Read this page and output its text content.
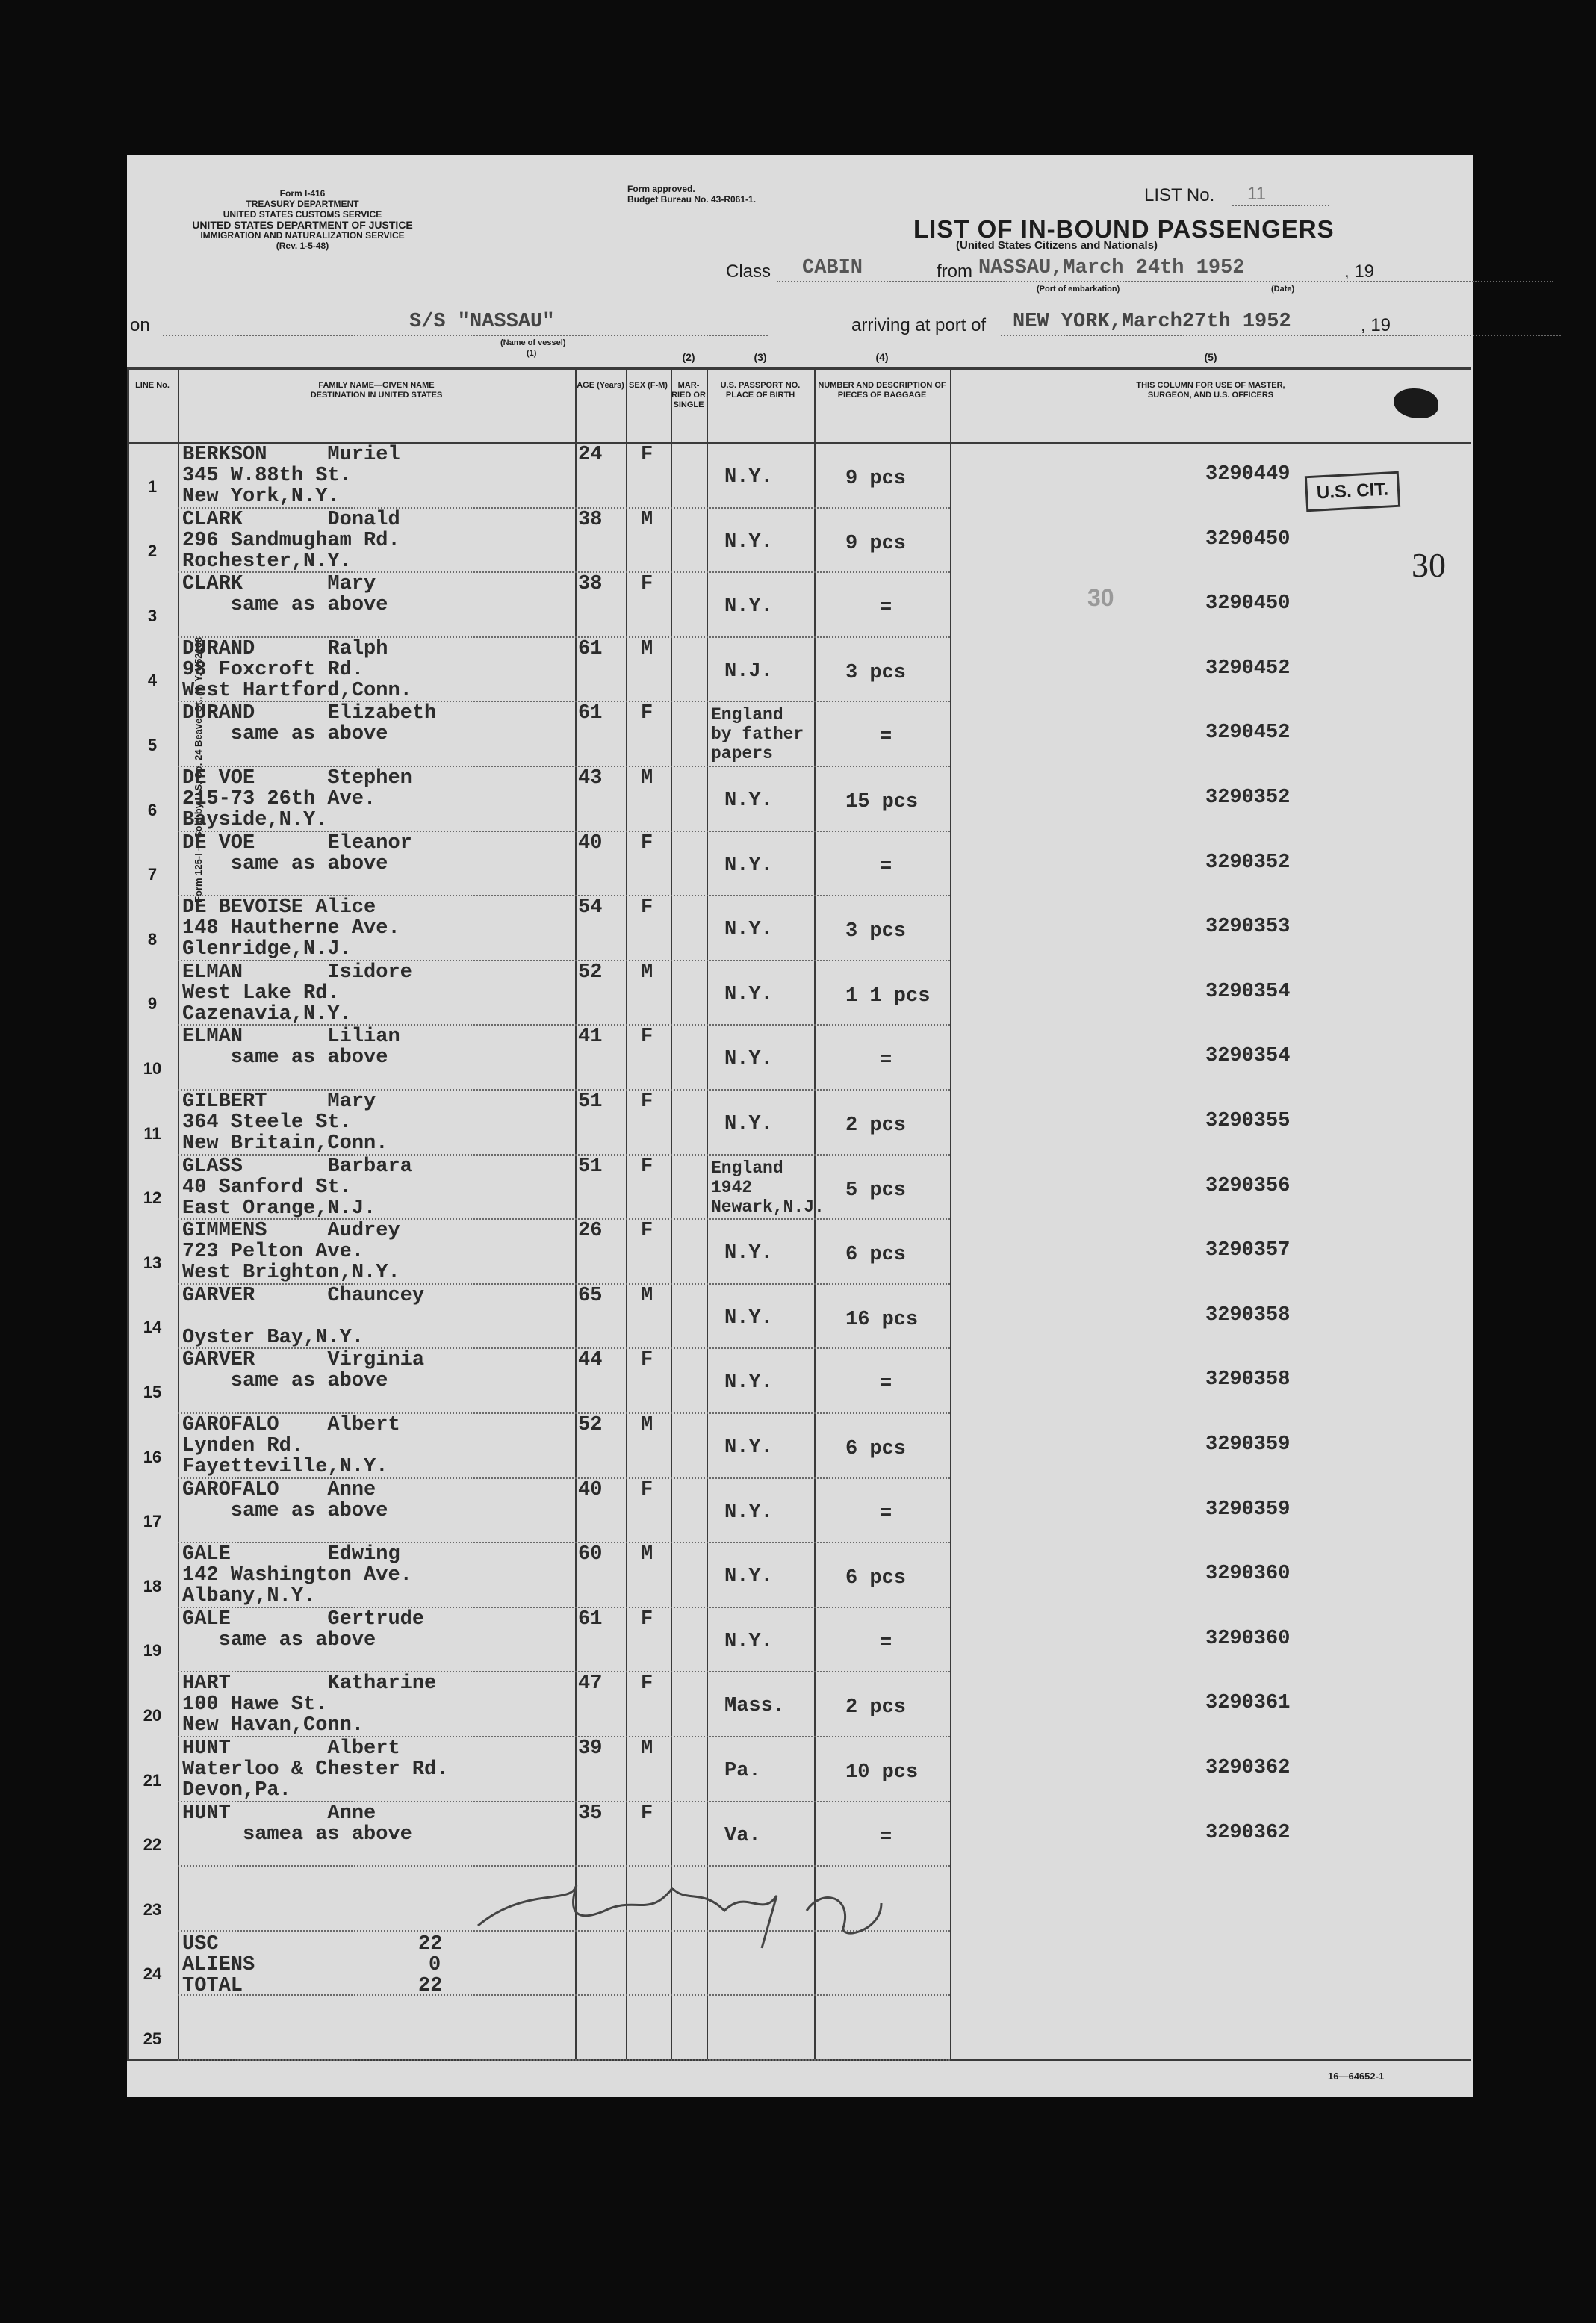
Form I-416
TREASURY DEPARTMENT
UNITED STATES CUSTOMS SERVICE
UNITED STATES DEPARTMENT OF JUSTICE
IMMIGRATION AND NATURALIZATION SERVICE
(Rev. 1-5-48)
Form approved.
Budget Bureau No. 43-R061-1.	LIST No. 11
LIST OF IN-BOUND PASSENGERS
(United States Citizens and Nationals)
Class CABIN	from NASSAU,March 24th 1952	, 19
(Port of embarkation)	(Date)
on	S/S "NASSAU"
(Name of vessel)
(1)
arriving at port of NEW YORK,March27th 1952	, 19
Form 125-I — Sold by U.S. Co. 24 Beaver St., N. Y. U52168
LINE No.	FAMILY NAME—GIVEN NAME
DESTINATION IN UNITED STATES
AGE (Years) SEX (F-M)	MAR-RIED OR SINGLE
U.S. PASSPORT NO. PLACE OF BIRTH
NUMBER AND DESCRIPTION OF PIECES OF BAGGAGE
THIS COLUMN FOR USE OF MASTER, SURGEON, AND U.S. OFFICERS
(2)	(3)	(4)	(5)
1
BERKSON     Muriel
345 W.88th St.
New York,N.Y.
24 F
N.Y.	9 pcs	3290449
2
CLARK       Donald
296 Sandmugham Rd.
Rochester,N.Y.
38 M
N.Y.	9 pcs	3290450
3
CLARK       Mary
same as above
38 F
N.Y.	=	3290450
4
DURAND      Ralph
98 Foxcroft Rd.
West Hartford,Conn.
61 M
N.J.	3 pcs	3290452
5
DURAND      Elizabeth
same as above
61 F	England
by father
papers
=	3290452
6
DE VOE      Stephen
215-73 26th Ave.
Bayside,N.Y.
43 M
N.Y.	15 pcs	3290352
7
DE VOE      Eleanor
same as above
40 F
N.Y.	=	3290352
8
DE BEVOISE Alice
148 Hautherne Ave.
Glenridge,N.J.
54 F
N.Y.	3 pcs	3290353
9
ELMAN       Isidore
West Lake Rd.
Cazenavia,N.Y.
52 M
N.Y.	1 1 pcs	3290354
10
ELMAN       Lilian
same as above
41 F
N.Y.	=	3290354
11
GILBERT     Mary
364 Steele St.
New Britain,Conn.
51 F
N.Y.	2 pcs	3290355
12
GLASS       Barbara
40 Sanford St.
East Orange,N.J.
51 F	England
1942
Newark,N.J.
5 pcs	3290356
13
GIMMENS     Audrey
723 Pelton Ave.
West Brighton,N.Y.
26 F
N.Y.	6 pcs	3290357
14
GARVER      Chauncey
Oyster Bay,N.Y.
65 M
N.Y.	16 pcs	3290358
15
GARVER      Virginia
same as above
44 F
N.Y.	=	3290358
16
GAROFALO    Albert
Lynden Rd.
Fayetteville,N.Y.
52 M
N.Y.	6 pcs	3290359
17
GAROFALO    Anne
same as above
40 F
N.Y.	=	3290359
18
GALE        Edwing
142 Washington Ave.
Albany,N.Y.
60 M
N.Y.	6 pcs	3290360
19
GALE        Gertrude
same as above
61 F
N.Y.	=	3290360
20
HART        Katharine
100 Hawe St.
New Havan,Conn.
47 F
Mass.	2 pcs	3290361
21
HUNT        Albert
Waterloo & Chester Rd.
Devon,Pa.
39 M
Pa.	10 pcs	3290362
22
HUNT        Anne
samea as above
35 F
Va.	=	3290362
23
24
25
USC	22
ALIENS	0
TOTAL	22
U.S. CIT.
30
30
16—64652-1
